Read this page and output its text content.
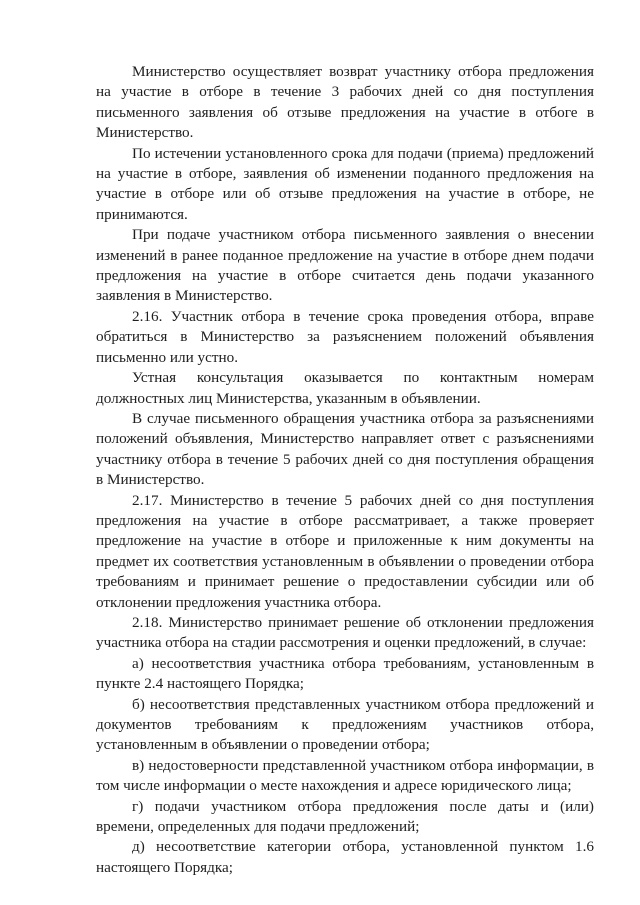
Министерство осуществляет возврат участнику отбора предложения на участие в отборе в течение 3 рабочих дней со дня поступления письменного заявления об отзыве предложения на участие в отбоге в Министерство.

По истечении установленного срока для подачи (приема) предложений на участие в отборе, заявления об изменении поданного предложения на участие в отборе или об отзыве предложения на участие в отборе, не принимаются.

При подаче участником отбора письменного заявления о внесении изменений в ранее поданное предложение на участие в отборе днем подачи предложения на участие в отборе считается день подачи указанного заявления в Министерство.

2.16. Участник отбора в течение срока проведения отбора, вправе обратиться в Министерство за разъяснением положений объявления письменно или устно.

Устная консультация оказывается по контактным номерам должностных лиц Министерства, указанным в объявлении.

В случае письменного обращения участника отбора за разъяснениями положений объявления, Министерство направляет ответ с разъяснениями участнику отбора в течение 5 рабочих дней со дня поступления обращения в Министерство.

2.17. Министерство в течение 5 рабочих дней со дня поступления предложения на участие в отборе рассматривает, а также проверяет предложение на участие в отборе и приложенные к ним документы на предмет их соответствия установленным в объявлении о проведении отбора требованиям и принимает решение о предоставлении субсидии или об отклонении предложения участника отбора.

2.18. Министерство принимает решение об отклонении предложения участника отбора на стадии рассмотрения и оценки предложений, в случае:

а) несоответствия участника отбора требованиям, установленным в пункте 2.4 настоящего Порядка;

б) несоответствия представленных участником отбора предложений и документов требованиям к предложениям участников отбора, установленным в объявлении о проведении отбора;

в) недостоверности представленной участником отбора информации, в том числе информации о месте нахождения и адресе юридического лица;

г) подачи участником отбора предложения после даты и (или) времени, определенных для подачи предложений;

д) несоответствие категории отбора, установленной пунктом 1.6 настоящего Порядка;
